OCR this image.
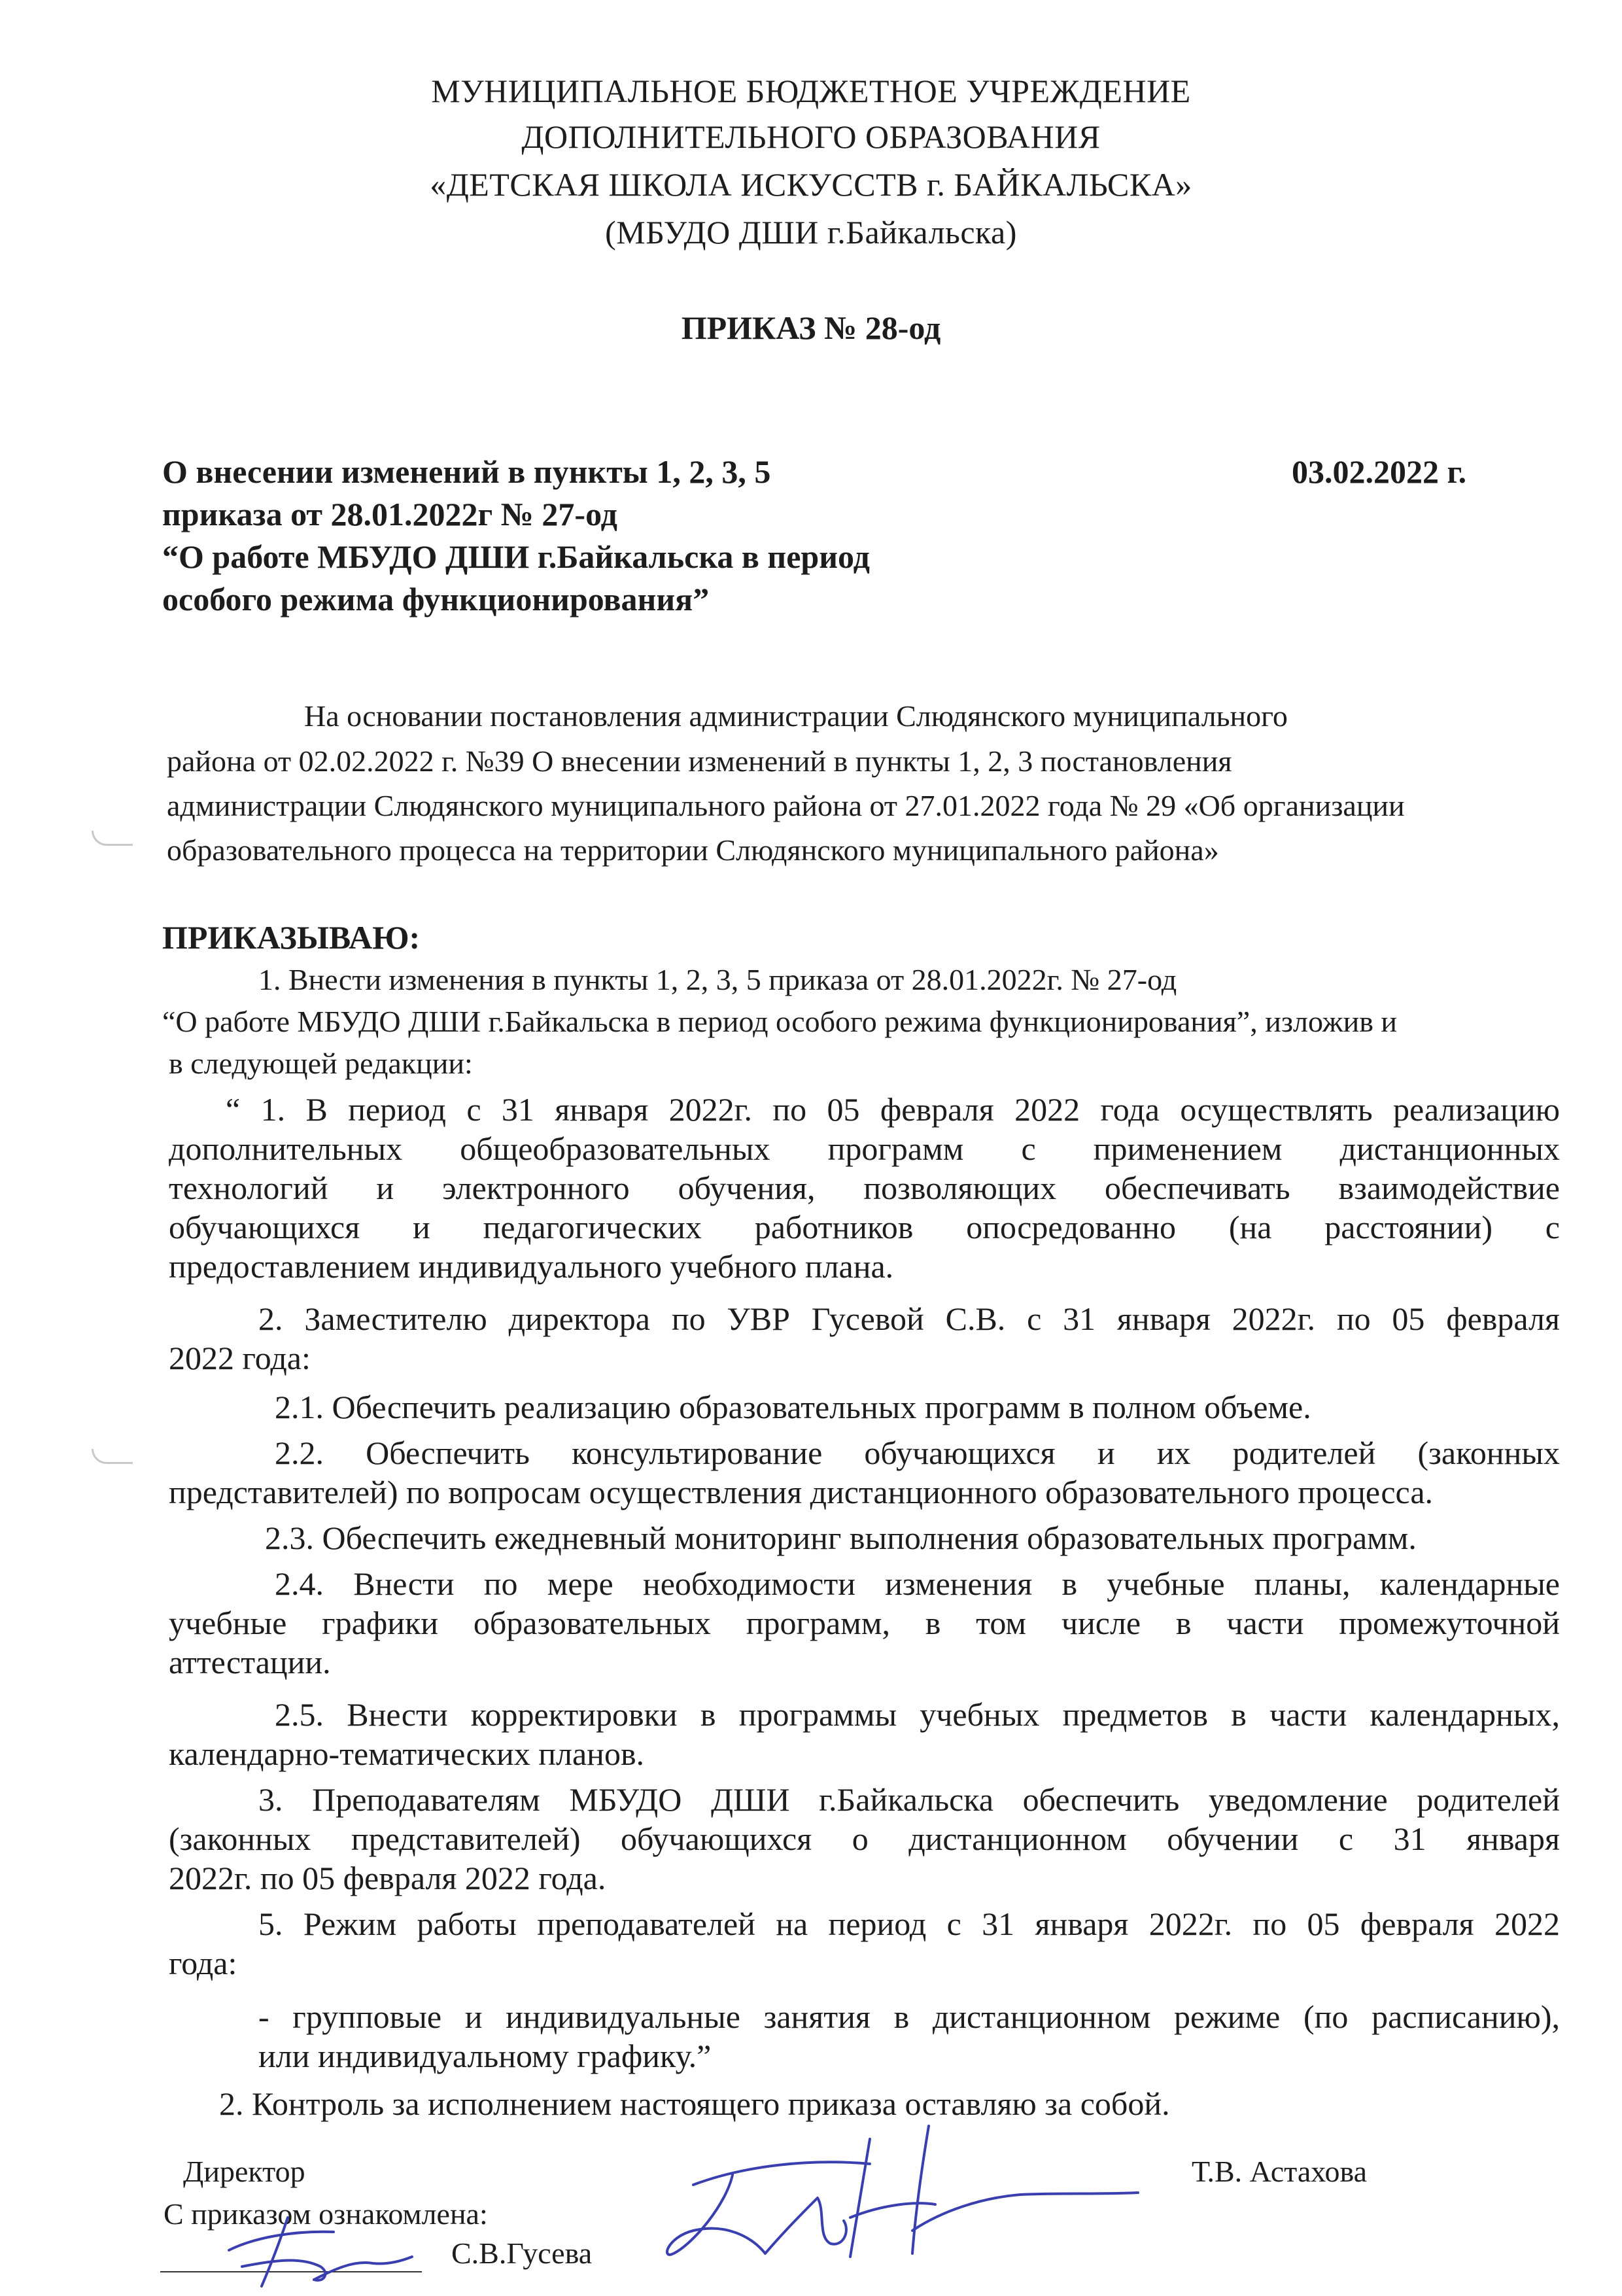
МУНИЦИПАЛЬНОЕ БЮДЖЕТНОЕ УЧРЕЖДЕНИЕ
ДОПОЛНИТЕЛЬНОГО ОБРАЗОВАНИЯ
«ДЕТСКАЯ ШКОЛА ИСКУССТВ г. БАЙКАЛЬСКА»
(МБУДО ДШИ г.Байкальска)
ПРИКАЗ № 28-од
О внесении изменений в пункты 1, 2, 3, 5
приказа от 28.01.2022г № 27-од
“О работе МБУДО ДШИ г.Байкальска в период
особого режима функционирования”
03.02.2022 г.
На основании постановления администрации Слюдянского муниципального
района от 02.02.2022 г. №39 О внесении изменений в пункты 1, 2, 3 постановления
администрации Слюдянского муниципального района от 27.01.2022 года № 29 «Об организации
образовательного процесса на территории Слюдянского муниципального района»
ПРИКАЗЫВАЮ:
1. Внести изменения в пункты 1, 2, 3, 5 приказа от 28.01.2022г. № 27-од
“О работе МБУДО ДШИ г.Байкальска в период особого режима функционирования”, изложив и
в следующей редакции:
“ 1. В период с 31 января 2022г. по 05 февраля 2022 года осуществлять реализацию
дополнительных общеобразовательных программ с применением дистанционных
технологий и электронного обучения, позволяющих обеспечивать взаимодействие
обучающихся и педагогических работников опосредованно (на расстоянии) с
предоставлением индивидуального учебного плана.
2. Заместителю директора по УВР Гусевой С.В. с 31 января 2022г. по 05 февраля
2022 года:
2.1. Обеспечить реализацию образовательных программ в полном объеме.
2.2. Обеспечить консультирование обучающихся и их родителей (законных
представителей) по вопросам осуществления дистанционного образовательного процесса.
2.3. Обеспечить ежедневный мониторинг выполнения образовательных программ.
2.4. Внести по мере необходимости изменения в учебные планы, календарные
учебные графики образовательных программ, в том числе в части промежуточной
аттестации.
2.5. Внести корректировки в программы учебных предметов в части календарных,
календарно-тематических планов.
3. Преподавателям МБУДО ДШИ г.Байкальска обеспечить уведомление родителей
(законных представителей) обучающихся о дистанционном обучении с 31 января
2022г. по 05 февраля 2022 года.
5. Режим работы преподавателей на период с 31 января 2022г. по 05 февраля 2022
года:
- групповые и индивидуальные занятия в дистанционном режиме (по расписанию),
или индивидуальному графику.”
2. Контроль за исполнением настоящего приказа оставляю за собой.
Директор	Т.В. Астахова
С приказом ознакомлена:
С.В.Гусева
